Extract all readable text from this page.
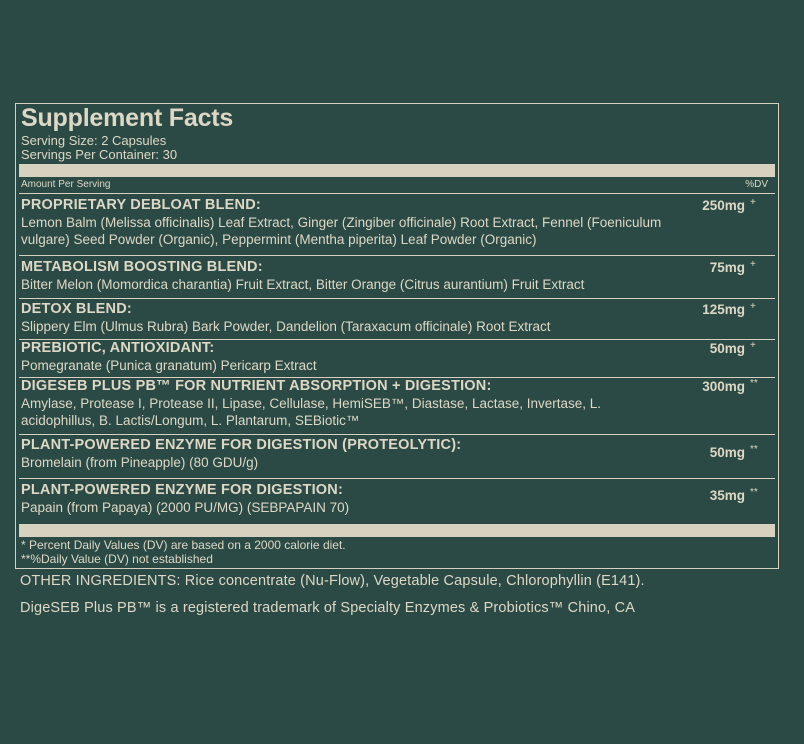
Supplement Facts
Serving Size: 2 Capsules
Servings Per Container: 30
Amount Per Serving	%DV
PROPRIETARY DEBLOAT BLEND:
Lemon Balm (Melissa officinalis) Leaf Extract, Ginger (Zingiber officinale) Root Extract, Fennel (Foeniculum vulgare) Seed Powder (Organic), Peppermint (Mentha piperita) Leaf Powder (Organic)
250mg +
METABOLISM BOOSTING BLEND:
Bitter Melon (Momordica charantia) Fruit Extract, Bitter Orange (Citrus aurantium) Fruit Extract
75mg +
DETOX BLEND:
Slippery Elm (Ulmus Rubra) Bark Powder, Dandelion (Taraxacum officinale) Root Extract
125mg +
PREBIOTIC, ANTIOXIDANT:
Pomegranate (Punica granatum) Pericarp Extract
50mg +
DIGESEB PLUS PB™ FOR NUTRIENT ABSORPTION + DIGESTION:
Amylase, Protease I, Protease II, Lipase, Cellulase, HemiSEB™, Diastase, Lactase, Invertase, L. acidophillus, B. Lactis/Longum, L. Plantarum, SEBiotic™
300mg **
PLANT-POWERED ENZYME FOR DIGESTION (PROTEOLYTIC):
Bromelain (from Pineapple) (80 GDU/g)
50mg **
PLANT-POWERED ENZYME FOR DIGESTION:
Papain (from Papaya) (2000 PU/MG) (SEBPAPAIN 70)
35mg **
* Percent Daily Values (DV) are based on a 2000 calorie diet.
**%Daily Value (DV) not established
OTHER INGREDIENTS: Rice concentrate (Nu-Flow), Vegetable Capsule, Chlorophyllin (E141).
DigeSEB Plus PB™ is a registered trademark of Specialty Enzymes & Probiotics™ Chino, CA
